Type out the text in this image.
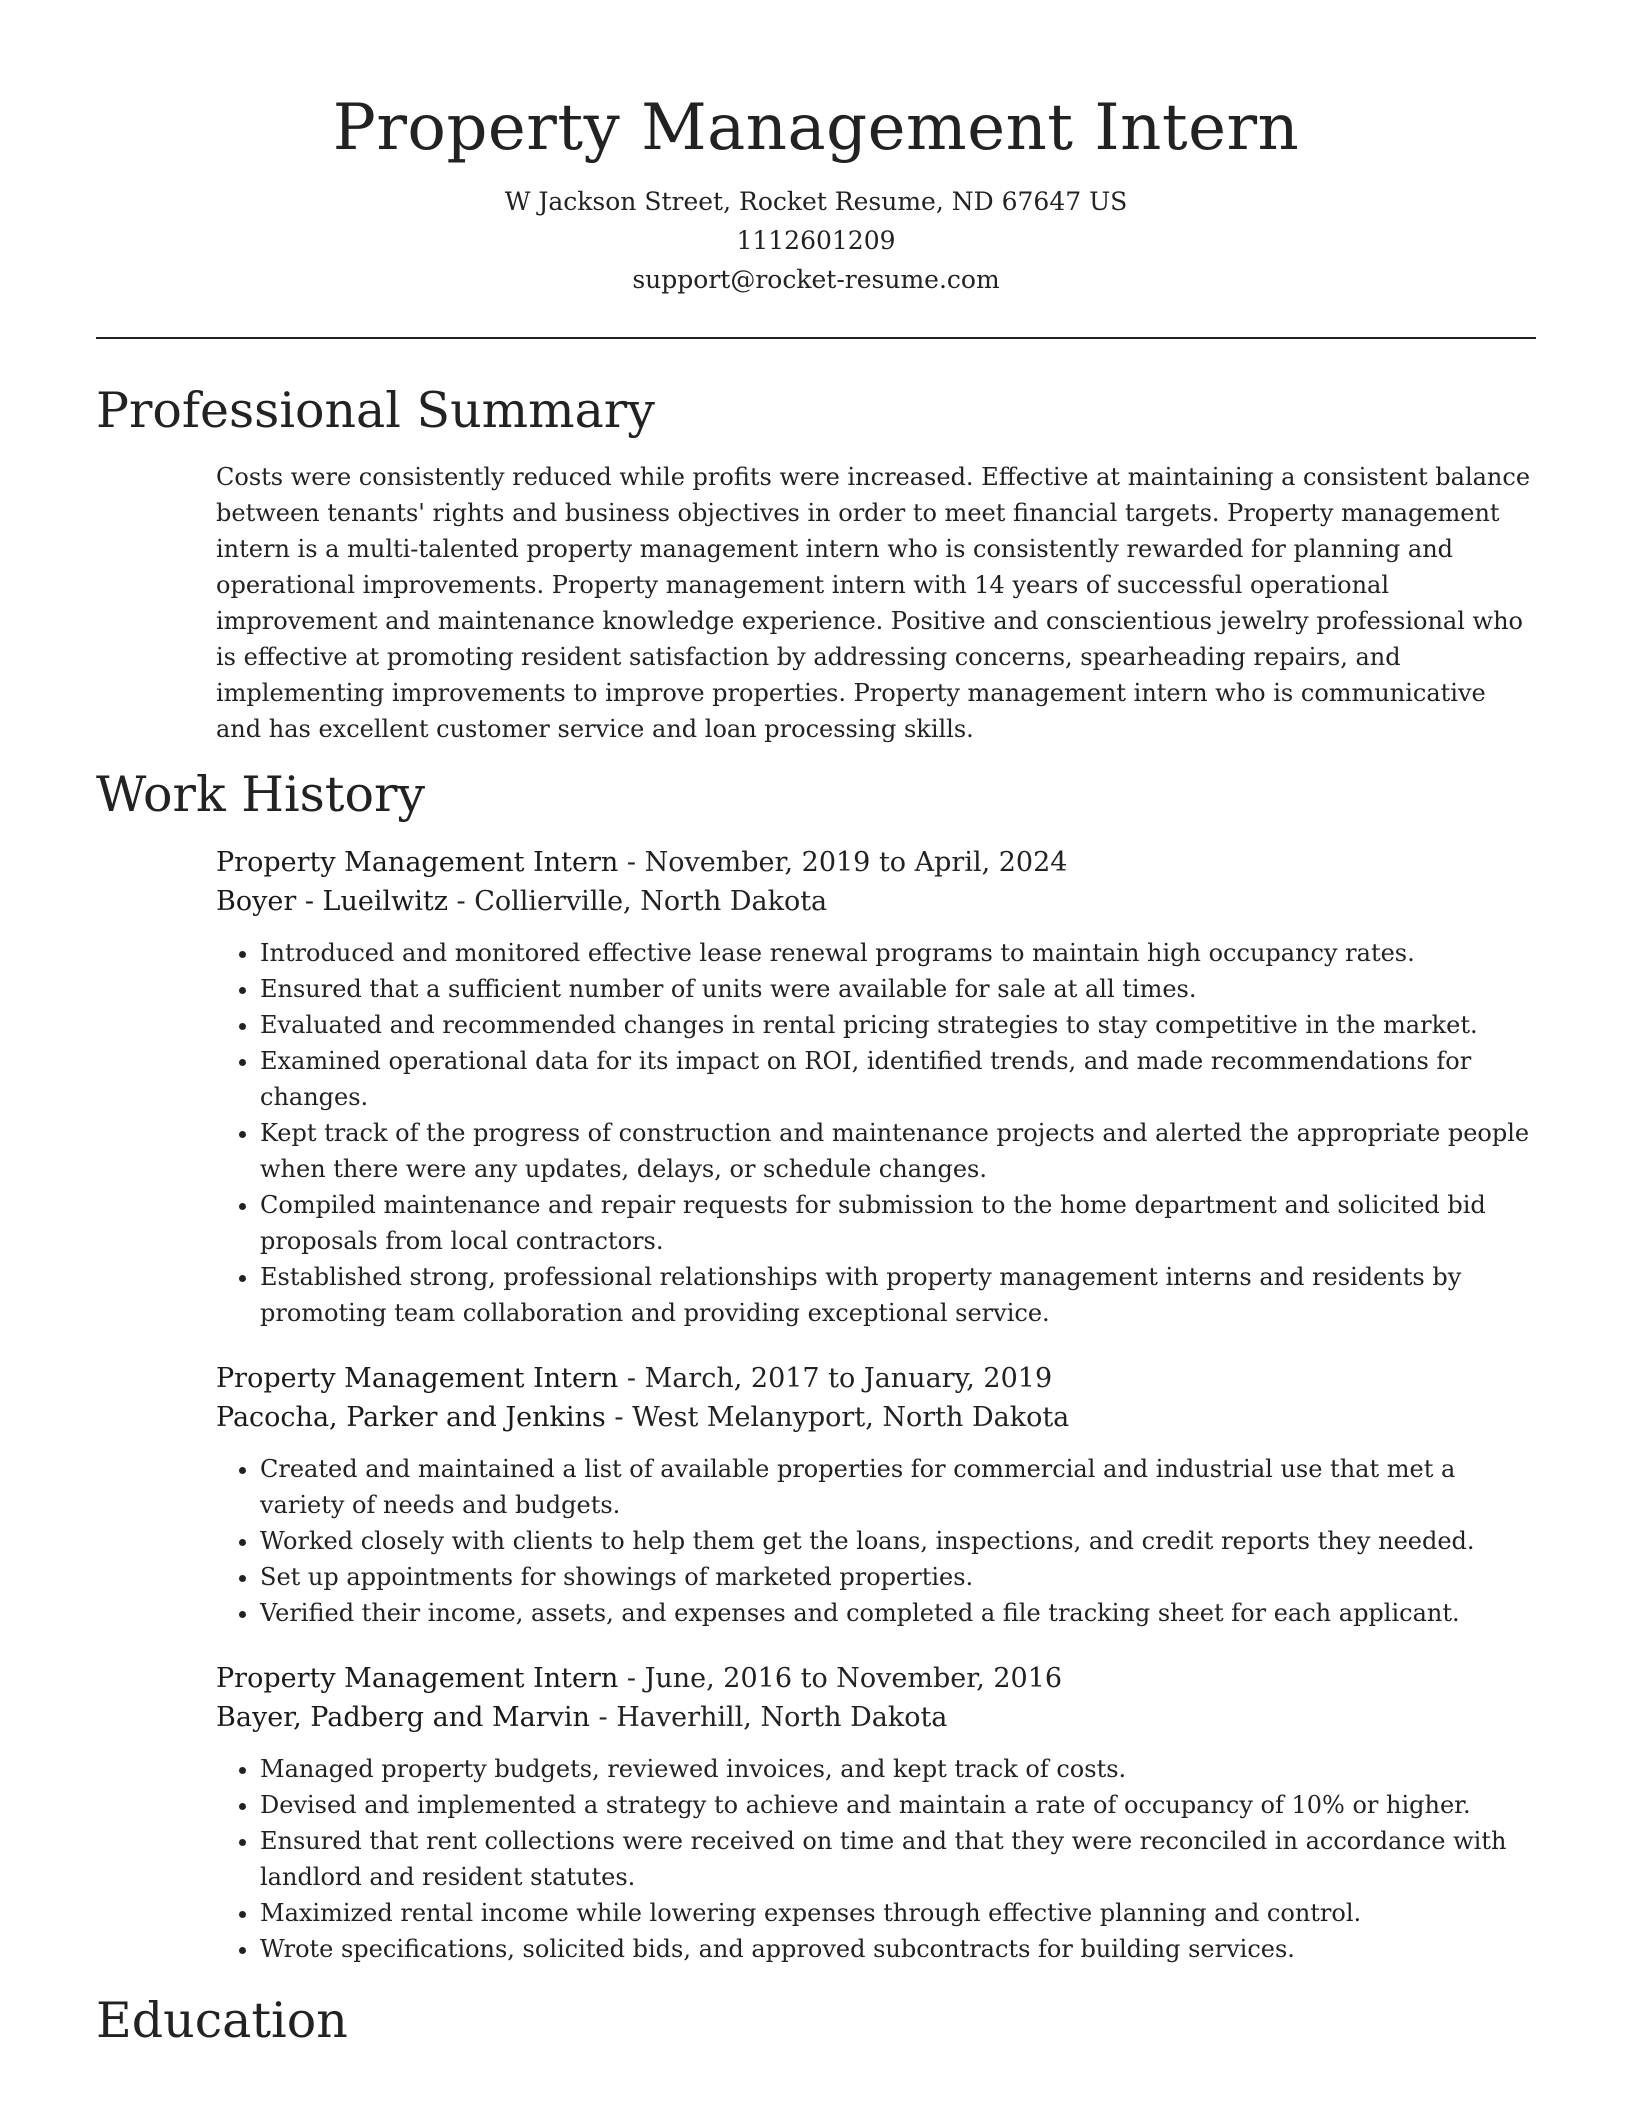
Property Management Intern

W Jackson Street, Rocket Resume, ND 67647 US

1112601209

support@rocket-resume.com

Professional Summary

Costs were consistently reduced while profits were increased. Effective at maintaining a consistent balance between tenants' rights and business objectives in order to meet financial targets. Property management intern is a multi-talented property management intern who is consistently rewarded for planning and operational improvements. Property management intern with 14 years of successful operational improvement and maintenance knowledge experience. Positive and conscientious jewelry professional who is effective at promoting resident satisfaction by addressing concerns, spearheading repairs, and implementing improvements to improve properties. Property management intern who is communicative and has excellent customer service and loan processing skills.

Work History

Property Management Intern - November, 2019 to April, 2024

Boyer - Lueilwitz - Collierville, North Dakota

• Introduced and monitored effective lease renewal programs to maintain high occupancy rates.
• Ensured that a sufficient number of units were available for sale at all times.
• Evaluated and recommended changes in rental pricing strategies to stay competitive in the market.
• Examined operational data for its impact on ROI, identified trends, and made recommendations for changes.
• Kept track of the progress of construction and maintenance projects and alerted the appropriate people when there were any updates, delays, or schedule changes.
• Compiled maintenance and repair requests for submission to the home department and solicited bid proposals from local contractors.
• Established strong, professional relationships with property management interns and residents by promoting team collaboration and providing exceptional service.

Property Management Intern - March, 2017 to January, 2019

Pacocha, Parker and Jenkins - West Melanyport, North Dakota

• Created and maintained a list of available properties for commercial and industrial use that met a variety of needs and budgets.
• Worked closely with clients to help them get the loans, inspections, and credit reports they needed.
• Set up appointments for showings of marketed properties.
• Verified their income, assets, and expenses and completed a file tracking sheet for each applicant.

Property Management Intern - June, 2016 to November, 2016

Bayer, Padberg and Marvin - Haverhill, North Dakota

• Managed property budgets, reviewed invoices, and kept track of costs.
• Devised and implemented a strategy to achieve and maintain a rate of occupancy of 10% or higher.
• Ensured that rent collections were received on time and that they were reconciled in accordance with landlord and resident statutes.
• Maximized rental income while lowering expenses through effective planning and control.
• Wrote specifications, solicited bids, and approved subcontracts for building services.
Education
